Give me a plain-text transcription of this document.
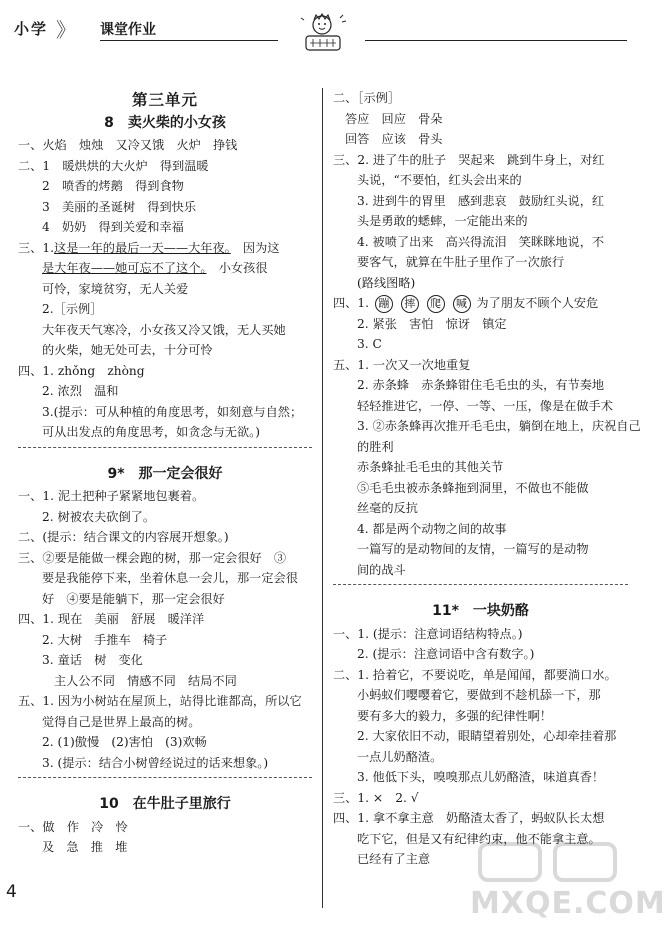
小学 》 课堂作业
第三单元
8　卖火柴的小女孩
一、火焰　烛烛　又冷又饿　火炉　挣钱
二、1　暖烘烘的大火炉　得到温暖
2　喷香的烤鹅　得到食物
3　美丽的圣诞树　得到快乐
4　奶奶　得到关爱和幸福
三、1.这是一年的最后一天——大年夜。　因为这
是大年夜——她可忘不了这个。　小女孩很
可怜，家境贫穷，无人关爱
2.［示例］
大年夜天气寒冷，小女孩又冷又饿，无人买她
的火柴，她无处可去，十分可怜
四、1. zhǒng　zhòng
2. 浓烈　温和
3.(提示：可从种植的角度思考，如刻意与自然；
可从出发点的角度思考，如贪念与无欲。)
9*　那一定会很好
一、1. 泥土把种子紧紧地包裹着。
2. 树被农夫砍倒了。
二、(提示：结合课文的内容展开想象。)
三、②要是能做一棵会跑的树，那一定会很好　③
要是我能停下来，坐着休息一会儿，那一定会很
好　④要是能躺下，那一定会很好
四、1. 现在　美丽　舒展　暖洋洋
2. 大树　手推车　椅子
3. 童话　树　变化
主人公不同　情感不同　结局不同
五、1. 因为小树站在屋顶上，站得比谁都高，所以它
觉得自己是世界上最高的树。
2. (1)傲慢　(2)害怕　(3)欢畅
3. (提示：结合小树曾经说过的话来想象。)
10　在牛肚子里旅行
一、做　作　冷　怜
及　急　推　堆
二、［示例］
答应　回应　骨朵
回答　应该　骨头
三、2. 进了牛的肚子　哭起来　跳到牛身上，对红
头说，“不要怕，红头会出来的
3. 进到牛的胃里　感到悲哀　鼓励红头说，红
头是勇敢的蟋蟀，一定能出来的
4. 被喷了出来　高兴得流泪　笑眯眯地说，不
要客气，就算在牛肚子里作了一次旅行
(路线图略)
四、1. 蹦 摔 爬 喊 为了朋友不顾个人安危
2. 紧张　害怕　惊讶　镇定
3. C
五、1. 一次又一次地重复
2. 赤条蜂　赤条蜂钳住毛毛虫的头，有节奏地
轻轻推进它，一停、一等、一压，像是在做手术
3. ②赤条蜂再次推开毛毛虫，躺倒在地上，庆祝自己
的胜利
赤条蜂扯毛毛虫的其他关节
⑤毛毛虫被赤条蜂拖到洞里，不做也不能做
丝毫的反抗
4. 都是两个动物之间的故事
一篇写的是动物间的友情，一篇写的是动物
间的战斗
11*　一块奶酪
一、1. (提示：注意词语结构特点。)
2. (提示：注意词语中含有数字。)
二、1. 拾着它，不要说吃，单是闻闻，都要淌口水。
小蚂蚁们嘤嘤着它，要做到不趁机舔一下，那
要有多大的毅力，多强的纪律性啊！
2. 大家依旧不动，眼睛望着别处，心却牵挂着那
一点儿奶酪渣。
3. 他低下头，嗅嗅那点儿奶酪渣，味道真香！
三、1. ×　2. √
四、1. 拿不拿主意　奶酪渣太香了，蚂蚁队长太想
吃下它，但是又有纪律约束，他不能拿主意。
已经有了主意
4	MXQE.COM
